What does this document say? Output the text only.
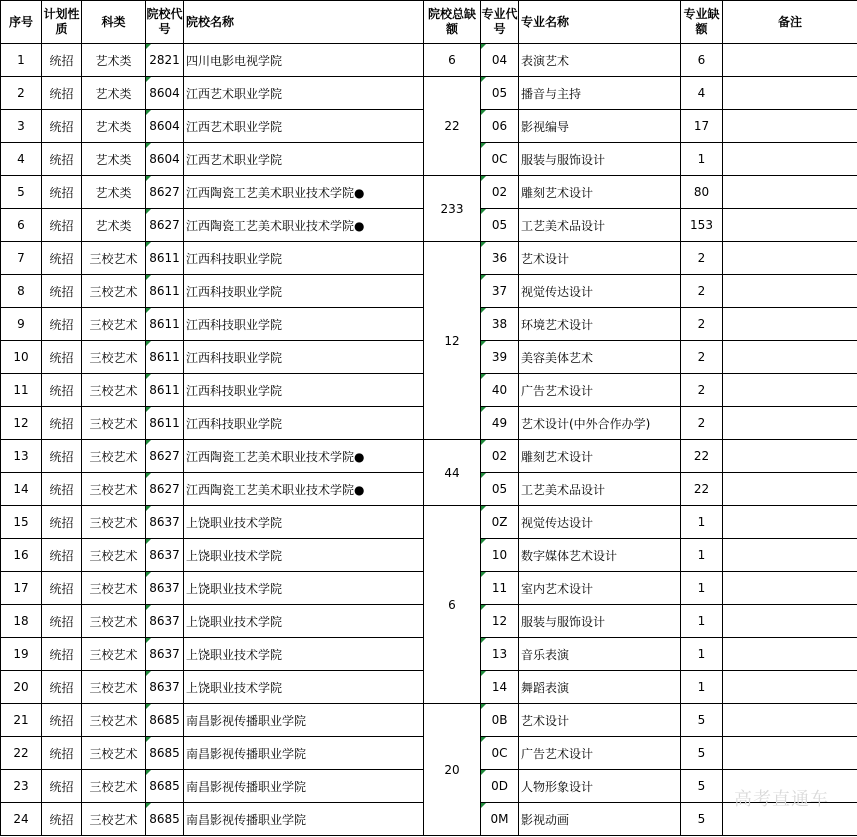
序号	计划性质	科类	院校代号	院校名称	院校总缺额	专业代号	专业名称	专业缺额	备注
1	统招	艺术类	2821	四川电影电视学院	6	04	表演艺术	6	
2	统招	艺术类	8604	江西艺术职业学院	22	05	播音与主持	4	
3	统招	艺术类	8604	江西艺术职业学院		06	影视编导	17	
4	统招	艺术类	8604	江西艺术职业学院		0C	服装与服饰设计	1	
5	统招	艺术类	8627	江西陶瓷工艺美术职业技术学院●	233	02	雕刻艺术设计	80	
6	统招	艺术类	8627	江西陶瓷工艺美术职业技术学院●		05	工艺美术品设计	153	
7	统招	三校艺术	8611	江西科技职业学院	12	36	艺术设计	2	
8	统招	三校艺术	8611	江西科技职业学院		37	视觉传达设计	2	
9	统招	三校艺术	8611	江西科技职业学院		38	环境艺术设计	2	
10	统招	三校艺术	8611	江西科技职业学院		39	美容美体艺术	2	
11	统招	三校艺术	8611	江西科技职业学院		40	广告艺术设计	2	
12	统招	三校艺术	8611	江西科技职业学院		49	艺术设计(中外合作办学)	2	
13	统招	三校艺术	8627	江西陶瓷工艺美术职业技术学院●	44	02	雕刻艺术设计	22	
14	统招	三校艺术	8627	江西陶瓷工艺美术职业技术学院●		05	工艺美术品设计	22	
15	统招	三校艺术	8637	上饶职业技术学院	6	0Z	视觉传达设计	1	
16	统招	三校艺术	8637	上饶职业技术学院		10	数字媒体艺术设计	1	
17	统招	三校艺术	8637	上饶职业技术学院		11	室内艺术设计	1	
18	统招	三校艺术	8637	上饶职业技术学院		12	服装与服饰设计	1	
19	统招	三校艺术	8637	上饶职业技术学院		13	音乐表演	1	
20	统招	三校艺术	8637	上饶职业技术学院		14	舞蹈表演	1	
21	统招	三校艺术	8685	南昌影视传播职业学院	20	0B	艺术设计	5	
22	统招	三校艺术	8685	南昌影视传播职业学院		0C	广告艺术设计	5	
23	统招	三校艺术	8685	南昌影视传播职业学院		0D	人物形象设计	5	
24	统招	三校艺术	8685	南昌影视传播职业学院		0M	影视动画	5	
高考直通车
